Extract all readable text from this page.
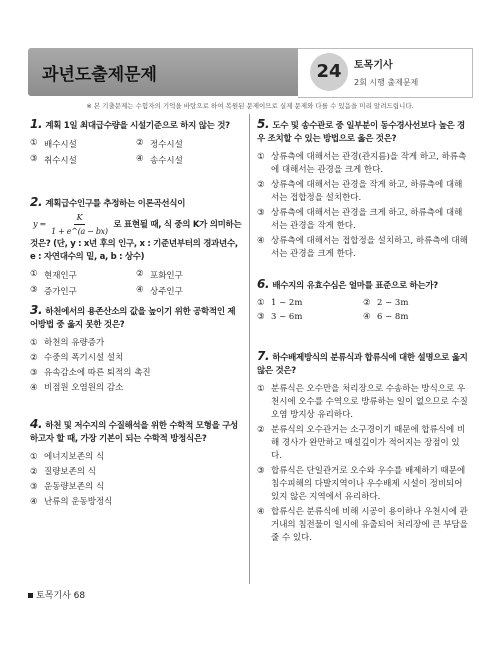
과년도출제문제	24	토목기사
2회 시행 출제문제
※ 본 기출문제는 수험자의 기억을 바탕으로 하여 복원된 문제이므로 실제 문제와 다를 수 있음을 미리 알려드립니다.
1. 계획 1일 최대급수량을 시설기준으로 하지 않는 것?
① 배수시설	② 정수시설
③ 취수시설	④ 송수시설
2. 계획급수인구를 추정하는 이론곡선식이 $y = \frac{K}{1 + e\^{}(a - bx)}$ 로 표현될 때, 식 중의 K가 의미하는 것은? (단, y : x년 후의 인구, x : 기준년부터의 경과년수, e : 자연대수의 밑, a, b : 상수)
① 현재인구	② 포화인구
③ 증가인구	④ 상주인구
3. 하천에서의 용존산소의 값을 높이기 위한 공학적인 제어방법 중 옳지 못한 것은?
① 하천의 유량증가
② 수중의 폭기시설 설치
③ 유속감소에 따른 퇴적의 촉진
④ 비점원 오염원의 감소
4. 하천 및 저수지의 수질해석을 위한 수학적 모형을 구성하고자 할 때, 가장 기본이 되는 수학적 방정식은?
① 에너지보존의 식
② 질량보존의 식
③ 운동량보존의 식
④ 난류의 운동방정식
5. 도수 및 송수관로 중 일부분이 동수경사선보다 높은 경우 조치할 수 있는 방법으로 옳은 것은?
① 상류측에 대해서는 관경(관지름)을 작게 하고, 하류측에 대해서는 관경을 크게 한다.
② 상류측에 대해서는 관경을 작게 하고, 하류측에 대해서는 접합정을 설치한다.
③ 상류측에 대해서는 관경을 크게 하고, 하류측에 대해서는 관경을 작게 한다.
④ 상류측에 대해서는 접합정을 설치하고, 하류측에 대해서는 관경을 크게 한다.
6. 배수지의 유효수심은 얼마를 표준으로 하는가?
① 1 ~ 2m	② 2 ~ 3m
③ 3 ~ 6m	④ 6 ~ 8m
7. 하수배제방식의 분류식과 합류식에 대한 설명으로 옳지 않은 것은?
① 분류식은 오수만을 처리장으로 수송하는 방식으로 우천시에 오수를 수역으로 방류하는 일이 없으므로 수질오염 방지상 유리하다.
② 분류식의 오수관거는 소구경이기 때문에 합류식에 비해 경사가 완만하고 매설깊이가 적어지는 장점이 있다.
③ 합류식은 단일관거로 오수와 우수를 배제하기 때문에 침수피해의 다발지역이나 우수배제 시설이 정비되어 있지 않은 지역에서 유리하다.
④ 합류식은 분류식에 비해 시공이 용이하나 우천시에 관거내의 침전물이 일시에 유출되어 처리장에 큰 부담을 줄 수 있다.
토목기사 68
